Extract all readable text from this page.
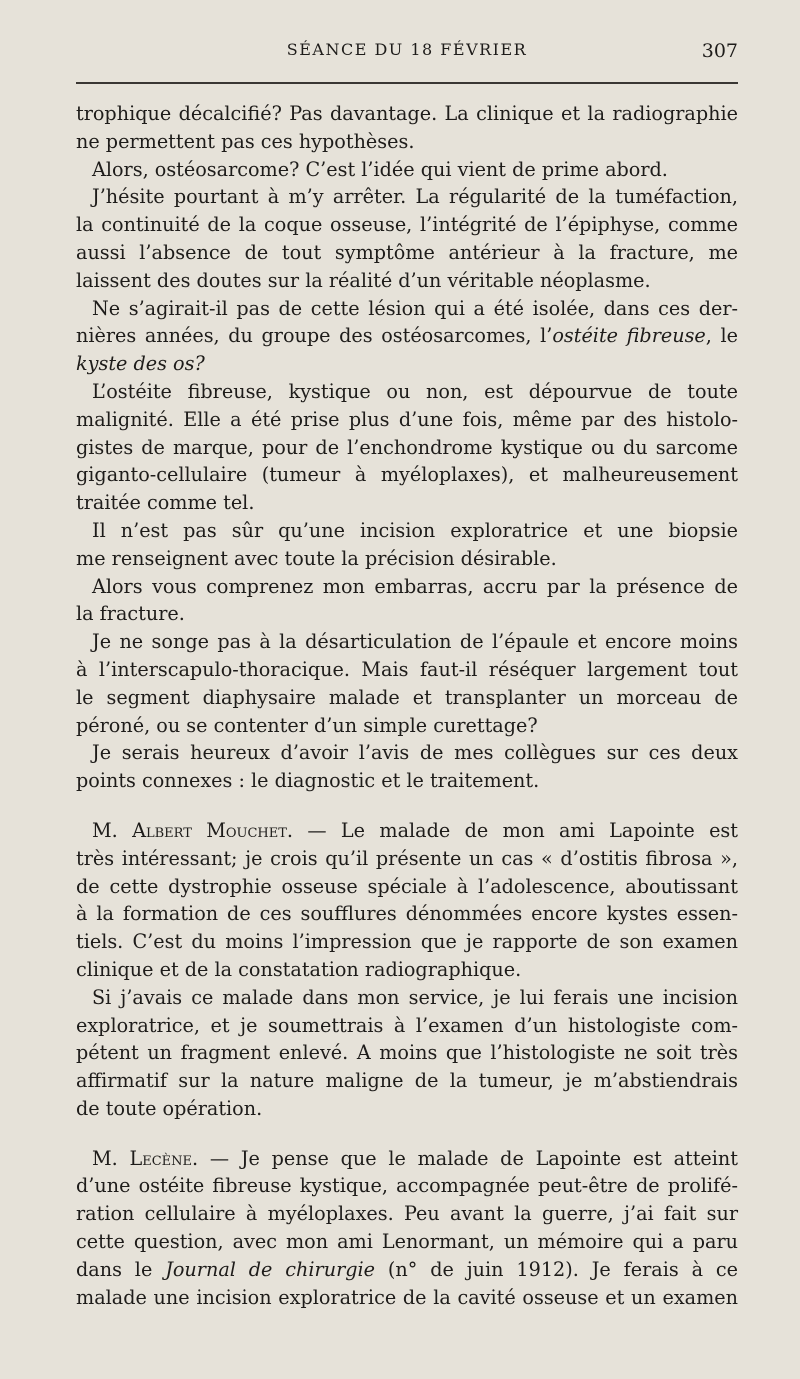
SÉANCE DU 18 FÉVRIER	307
trophique décalcifié? Pas davantage. La clinique et la radiographie
ne permettent pas ces hypothèses.
Alors, ostéosarcome? C’est l’idée qui vient de prime abord.
J’hésite pourtant à m’y arrêter. La régularité de la tuméfaction,
la continuité de la coque osseuse, l’intégrité de l’épiphyse, comme
aussi l’absence de tout symptôme antérieur à la fracture, me
laissent des doutes sur la réalité d’un véritable néoplasme.
Ne s’agirait-il pas de cette lésion qui a été isolée, dans ces der-
nières années, du groupe des ostéosarcomes, l’ostéite fibreuse, le
kyste des os?
L’ostéite fibreuse, kystique ou non, est dépourvue de toute
malignité. Elle a été prise plus d’une fois, même par des histolo-
gistes de marque, pour de l’enchondrome kystique ou du sarcome
giganto-cellulaire (tumeur à myéloplaxes), et malheureusement
traitée comme tel.
Il n’est pas sûr qu’une incision exploratrice et une biopsie
me renseignent avec toute la précision désirable.
Alors vous comprenez mon embarras, accru par la présence de
la fracture.
Je ne songe pas à la désarticulation de l’épaule et encore moins
à l’interscapulo-thoracique. Mais faut-il réséquer largement tout
le segment diaphysaire malade et transplanter un morceau de
péroné, ou se contenter d’un simple curettage?
Je serais heureux d’avoir l’avis de mes collègues sur ces deux
points connexes : le diagnostic et le traitement.
M. Albert Mouchet. — Le malade de mon ami Lapointe est
très intéressant; je crois qu’il présente un cas « d’ostitis fibrosa »,
de cette dystrophie osseuse spéciale à l’adolescence, aboutissant
à la formation de ces soufflures dénommées encore kystes essen-
tiels. C’est du moins l’impression que je rapporte de son examen
clinique et de la constatation radiographique.
Si j’avais ce malade dans mon service, je lui ferais une incision
exploratrice, et je soumettrais à l’examen d’un histologiste com-
pétent un fragment enlevé. A moins que l’histologiste ne soit très
affirmatif sur la nature maligne de la tumeur, je m’abstiendrais
de toute opération.
M. Lecène. — Je pense que le malade de Lapointe est atteint
d’une ostéite fibreuse kystique, accompagnée peut-être de prolifé-
ration cellulaire à myéloplaxes. Peu avant la guerre, j’ai fait sur
cette question, avec mon ami Lenormant, un mémoire qui a paru
dans le Journal de chirurgie (n° de juin 1912). Je ferais à ce
malade une incision exploratrice de la cavité osseuse et un examen
